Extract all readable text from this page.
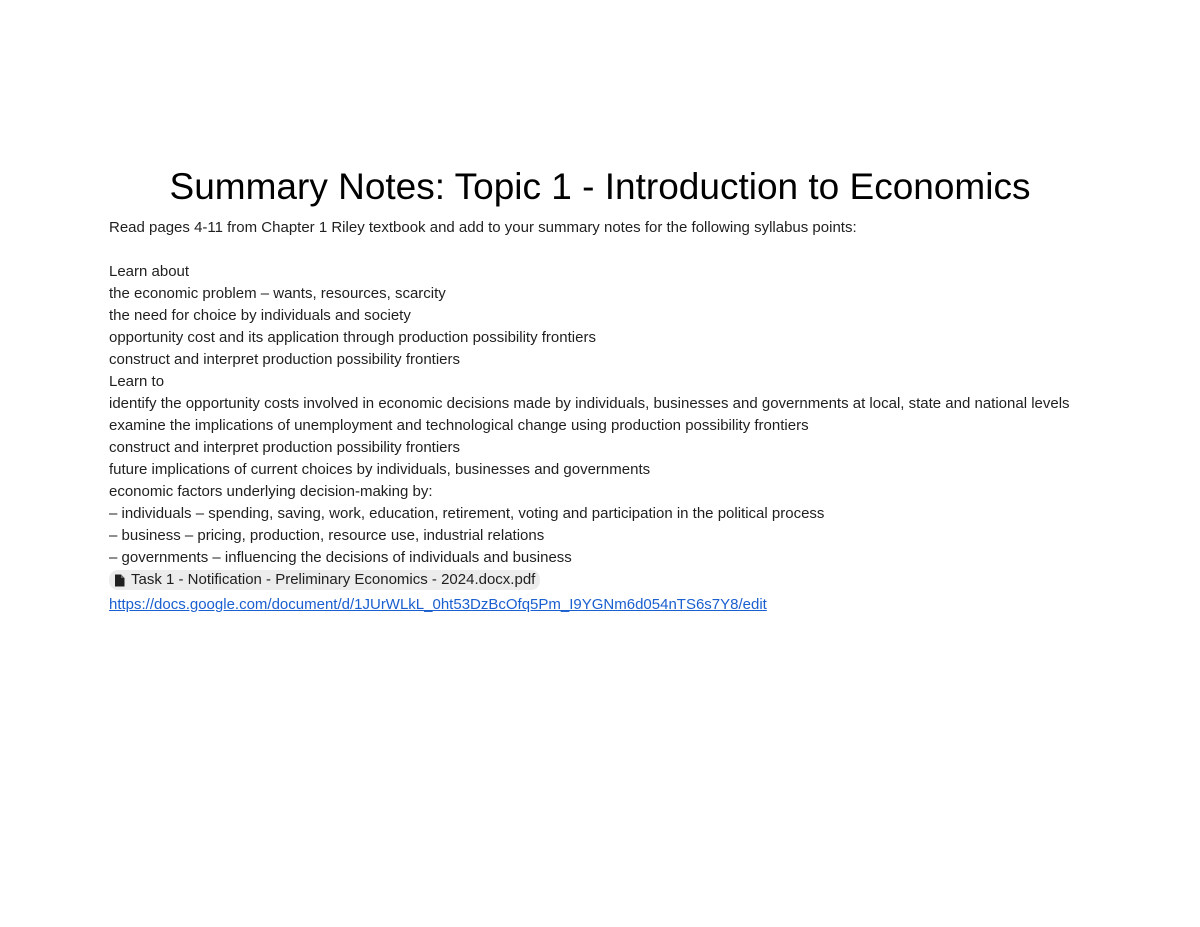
Summary Notes: Topic 1 - Introduction to Economics

Read pages 4-11 from Chapter 1 Riley textbook and add to your summary notes for the following syllabus points:

Learn about

the economic problem – wants, resources, scarcity

the need for choice by individuals and society

opportunity cost and its application through production possibility frontiers

construct and interpret production possibility frontiers

Learn to

identify the opportunity costs involved in economic decisions made by individuals, businesses and governments at local, state and national levels

examine the implications of unemployment and technological change using production possibility frontiers

construct and interpret production possibility frontiers

future implications of current choices by individuals, businesses and governments

economic factors underlying decision-making by:

– individuals – spending, saving, work, education, retirement, voting and participation in the political process

– business – pricing, production, resource use, industrial relations

– governments – influencing the decisions of individuals and business

Task 1 - Notification - Preliminary Economics - 2024.docx.pdf
https://docs.google.com/document/d/1JUrWLkL_0ht53DzBcOfq5Pm_I9YGNm6d054nTS6s7Y8/edit
